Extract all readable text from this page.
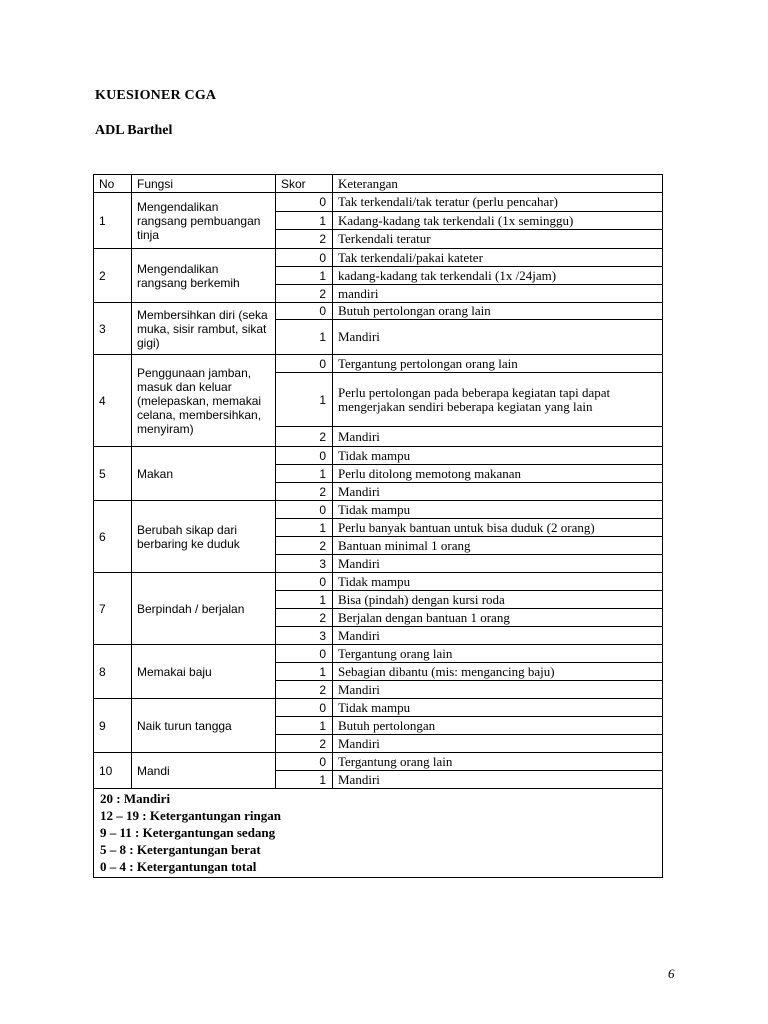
KUESIONER CGA
ADL Barthel
No	Fungsi	Skor	Keterangan
1	Mengendalikan rangsang pembuangan tinja	0	Tak terkendali/tak teratur (perlu pencahar)
		1	Kadang-kadang tak terkendali (1x seminggu)
		2	Terkendali teratur
2	Mengendalikan rangsang berkemih	0	Tak terkendali/pakai kateter
		1	kadang-kadang tak terkendali (1x /24jam)
		2	mandiri
3	Membersihkan diri (seka muka, sisir rambut, sikat gigi)	0	Butuh pertolongan orang lain
		1	Mandiri
4	Penggunaan jamban, masuk dan keluar (melepaskan, memakai celana, membersihkan, menyiram)	0	Tergantung pertolongan orang lain
		1	Perlu pertolongan pada beberapa kegiatan tapi dapat mengerjakan sendiri beberapa kegiatan yang lain
		2	Mandiri
5	Makan	0	Tidak mampu
		1	Perlu ditolong memotong makanan
		2	Mandiri
6	Berubah sikap dari berbaring ke duduk	0	Tidak mampu
		1	Perlu banyak bantuan untuk bisa duduk (2 orang)
		2	Bantuan minimal 1 orang
		3	Mandiri
7	Berpindah / berjalan	0	Tidak mampu
		1	Bisa (pindah) dengan kursi roda
		2	Berjalan dengan bantuan 1 orang
		3	Mandiri
8	Memakai baju	0	Tergantung orang lain
		1	Sebagian dibantu (mis: mengancing baju)
		2	Mandiri
9	Naik turun tangga	0	Tidak mampu
		1	Butuh pertolongan
		2	Mandiri
10	Mandi	0	Tergantung orang lain
		1	Mandiri

20 : Mandiri
12 – 19 : Ketergantungan ringan
9 – 11 : Ketergantungan sedang
5 – 8 : Ketergantungan berat
0 – 4 : Ketergantungan total			
6
